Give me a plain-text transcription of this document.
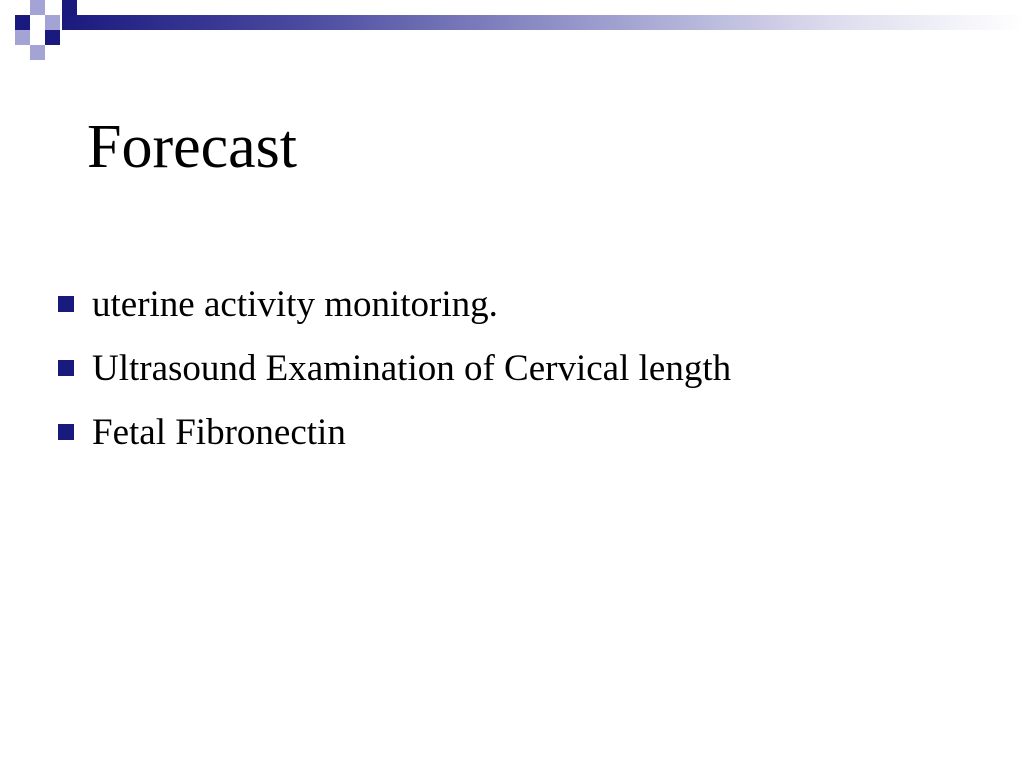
Forecast
uterine activity monitoring.
Ultrasound Examination of Cervical length
Fetal Fibronectin
